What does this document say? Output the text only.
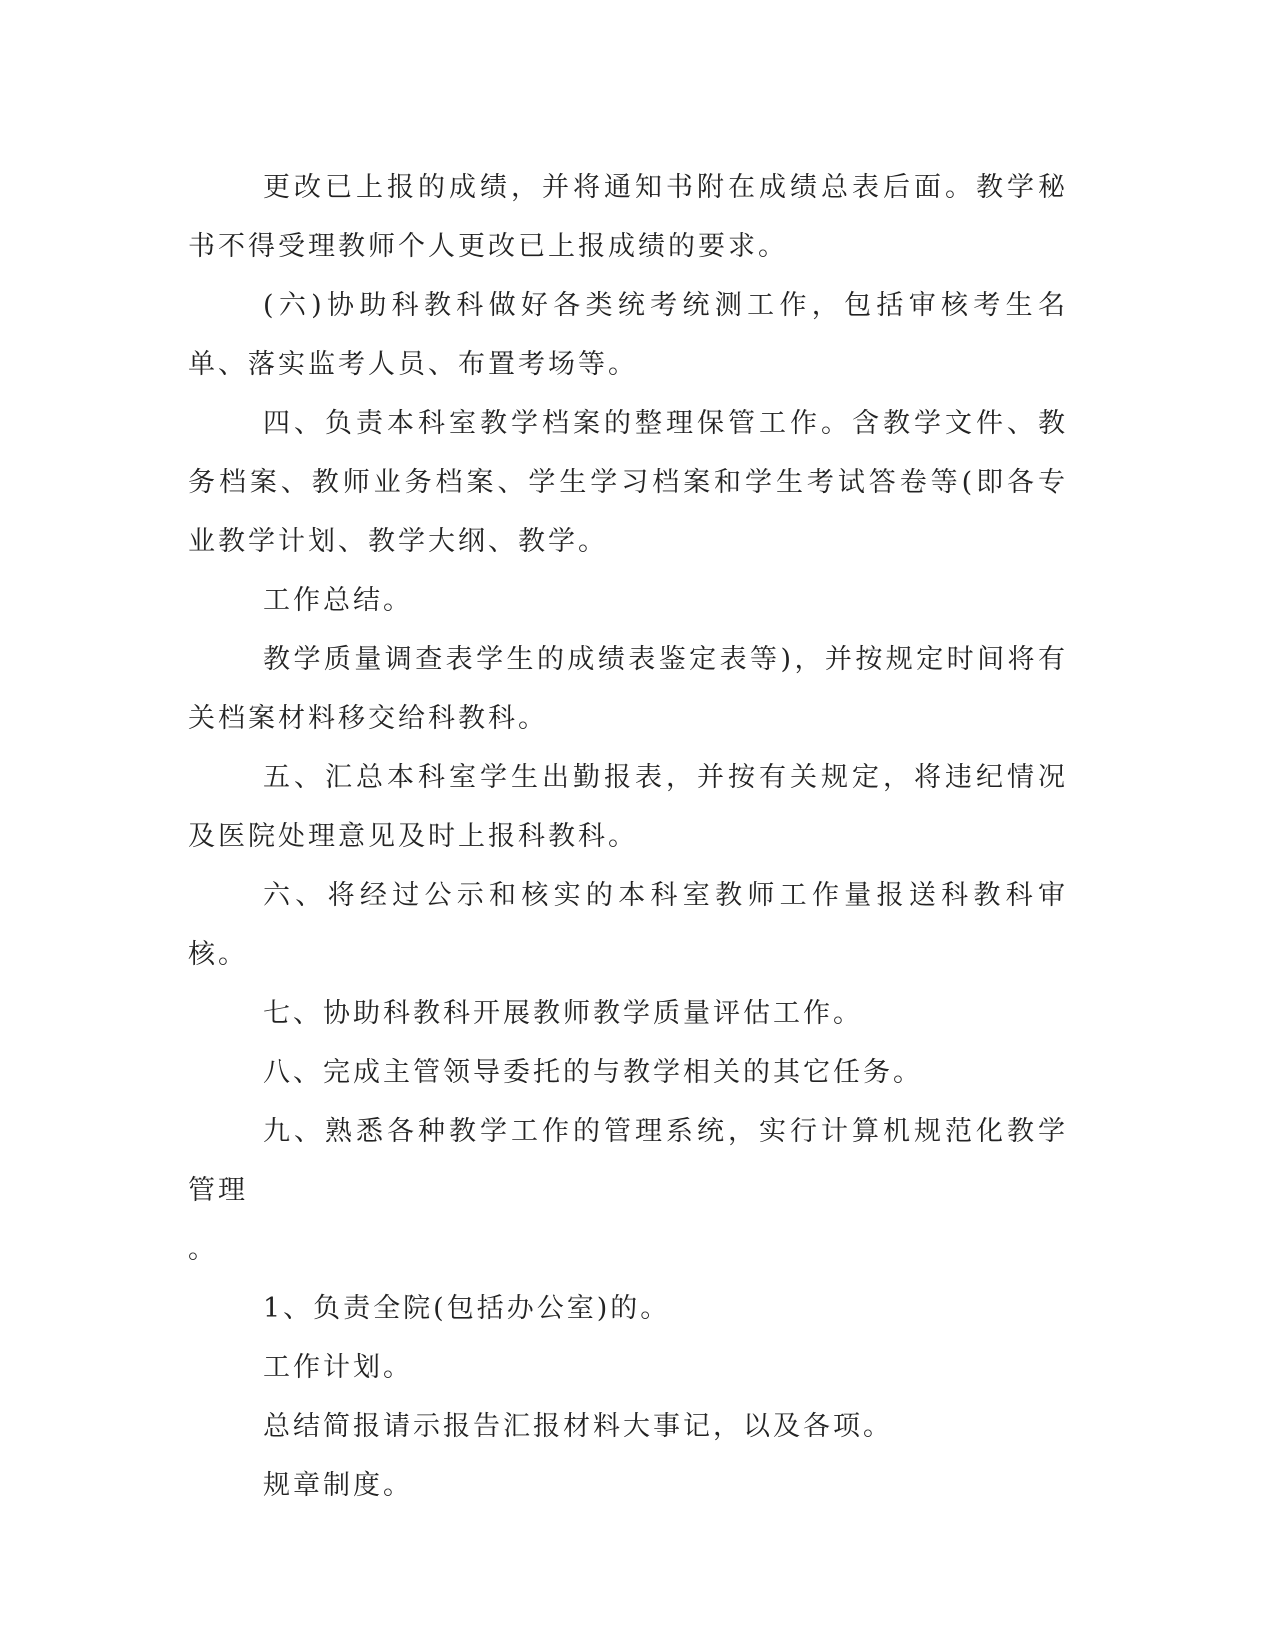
更改已上报的成绩，并将通知书附在成绩总表后面。教学秘书不得受理教师个人更改已上报成绩的要求。

(六)协助科教科做好各类统考统测工作，包括审核考生名单、落实监考人员、布置考场等。

四、负责本科室教学档案的整理保管工作。含教学文件、教务档案、教师业务档案、学生学习档案和学生考试答卷等(即各专业教学计划、教学大纲、教学。

工作总结。

教学质量调查表学生的成绩表鉴定表等)，并按规定时间将有关档案材料移交给科教科。

五、汇总本科室学生出勤报表，并按有关规定，将违纪情况及医院处理意见及时上报科教科。

六、将经过公示和核实的本科室教师工作量报送科教科审核。

七、协助科教科开展教师教学质量评估工作。

八、完成主管领导委托的与教学相关的其它任务。

九、熟悉各种教学工作的管理系统，实行计算机规范化教学管理

。

1、负责全院(包括办公室)的。

工作计划。

总结简报请示报告汇报材料大事记，以及各项。

规章制度。
